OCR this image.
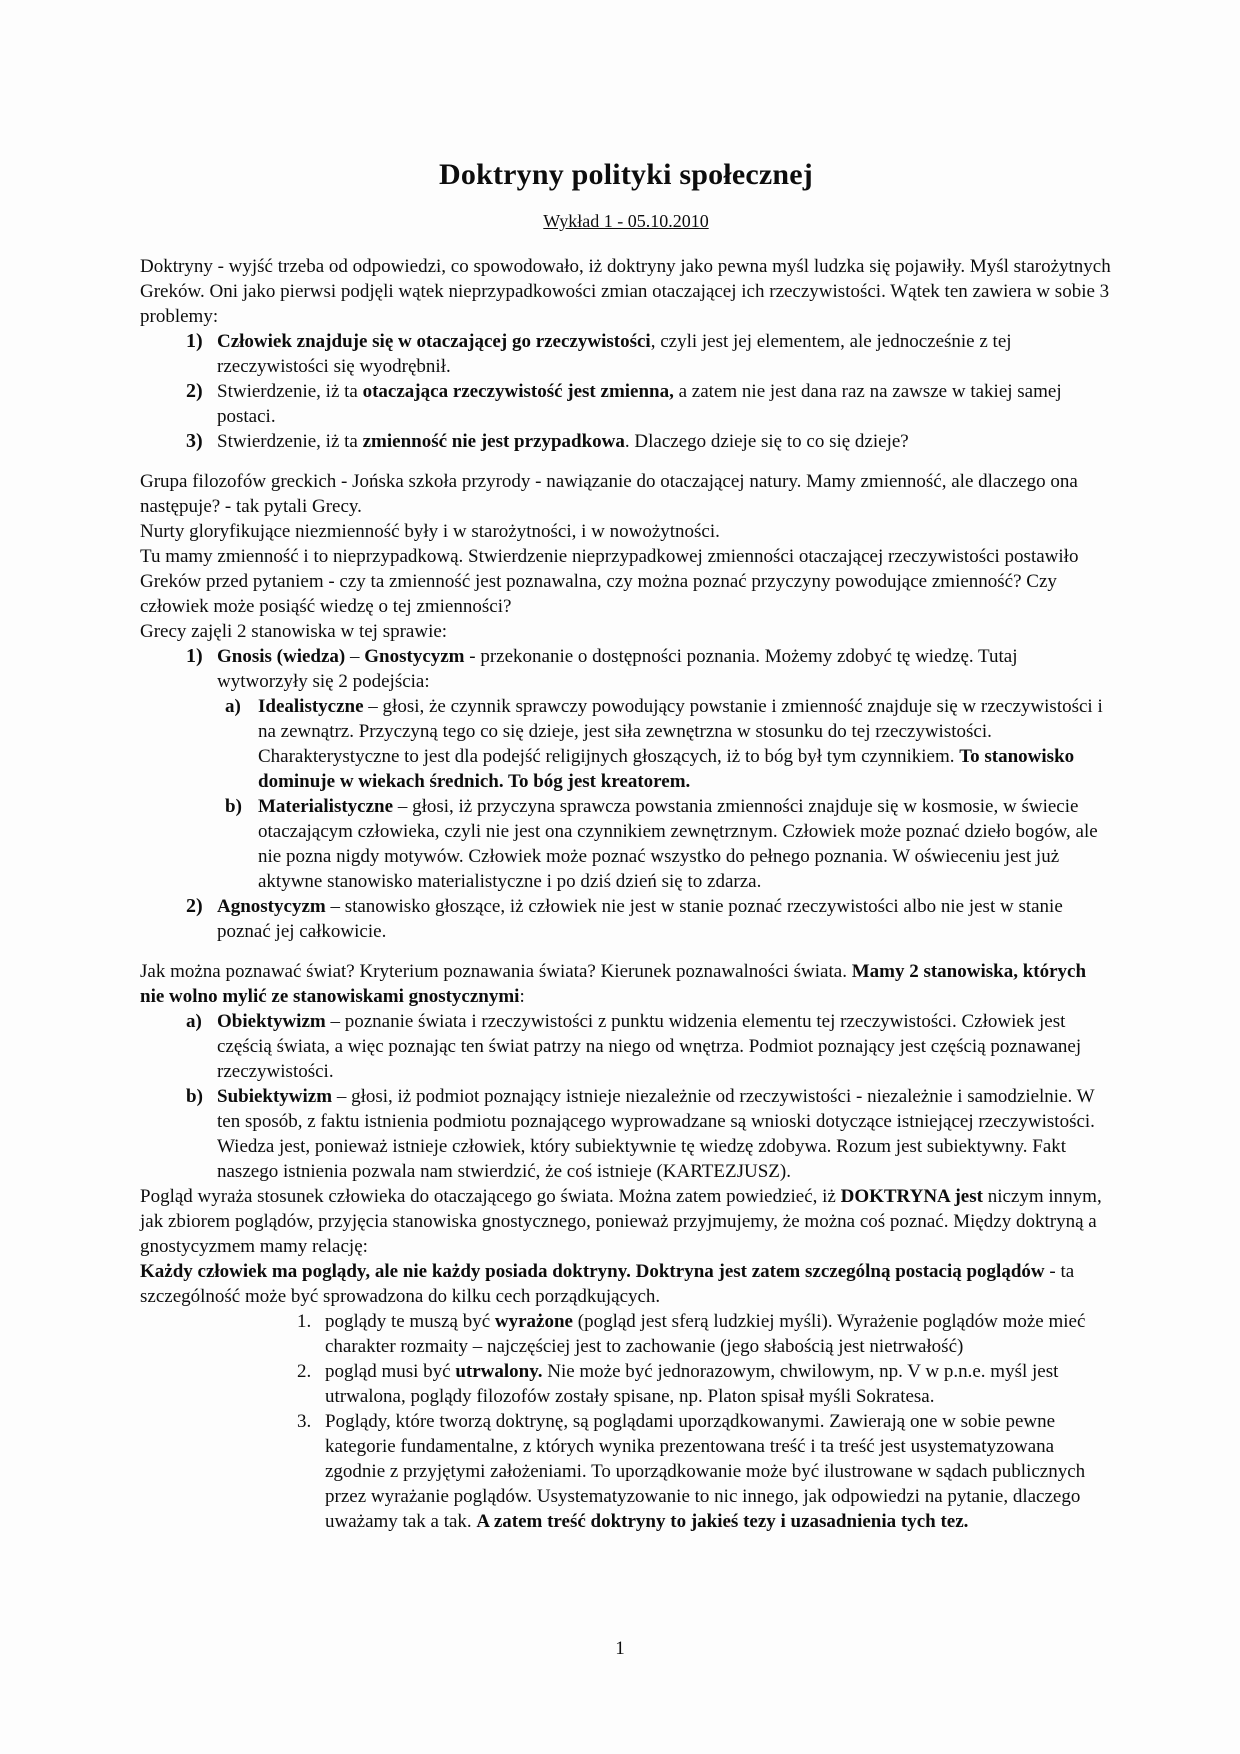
Doktryny polityki społecznej
Wykład 1 - 05.10.2010

Doktryny - wyjść trzeba od odpowiedzi, co spowodowało, iż doktryny jako pewna myśl ludzka się pojawiły. Myśl starożytnych Greków. Oni jako pierwsi podjęli wątek nieprzypadkowości zmian otaczającej ich rzeczywistości. Wątek ten zawiera w sobie 3 problemy:

1) Człowiek znajduje się w otaczającej go rzeczywistości, czyli jest jej elementem, ale jednocześnie z tej rzeczywistości się wyodrębnił.
2) Stwierdzenie, iż ta otaczająca rzeczywistość jest zmienna, a zatem nie jest dana raz na zawsze w takiej samej postaci.
3) Stwierdzenie, iż ta zmienność nie jest przypadkowa. Dlaczego dzieje się to co się dzieje?

Grupa filozofów greckich - Jońska szkoła przyrody - nawiązanie do otaczającej natury. Mamy zmienność, ale dlaczego ona następuje? - tak pytali Grecy.

Nurty gloryfikujące niezmienność były i w starożytności, i w nowożytności.

Tu mamy zmienność i to nieprzypadkową. Stwierdzenie nieprzypadkowej zmienności otaczającej rzeczywistości postawiło Greków przed pytaniem - czy ta zmienność jest poznawalna, czy można poznać przyczyny powodujące zmienność? Czy człowiek może posiąść wiedzę o tej zmienności?

Grecy zajęli 2 stanowiska w tej sprawie:

1) Gnosis (wiedza) – Gnostycyzm - przekonanie o dostępności poznania. Możemy zdobyć tę wiedzę. Tutaj wytworzyły się 2 podejścia:
a) Idealistyczne – głosi, że czynnik sprawczy powodujący powstanie i zmienność znajduje się w rzeczywistości i na zewnątrz. Przyczyną tego co się dzieje, jest siła zewnętrzna w stosunku do tej rzeczywistości. Charakterystyczne to jest dla podejść religijnych głoszących, iż to bóg był tym czynnikiem. To stanowisko dominuje w wiekach średnich. To bóg jest kreatorem.
b) Materialistyczne – głosi, iż przyczyna sprawcza powstania zmienności znajduje się w kosmosie, w świecie otaczającym człowieka, czyli nie jest ona czynnikiem zewnętrznym. Człowiek może poznać dzieło bogów, ale nie pozna nigdy motywów. Człowiek może poznać wszystko do pełnego poznania. W oświeceniu jest już aktywne stanowisko materialistyczne i po dziś dzień się to zdarza.
2) Agnostycyzm – stanowisko głoszące, iż człowiek nie jest w stanie poznać rzeczywistości albo nie jest w stanie poznać jej całkowicie.

Jak można poznawać świat? Kryterium poznawania świata? Kierunek poznawalności świata. Mamy 2 stanowiska, których nie wolno mylić ze stanowiskami gnostycznymi:

a) Obiektywizm – poznanie świata i rzeczywistości z punktu widzenia elementu tej rzeczywistości. Człowiek jest częścią świata, a więc poznając ten świat patrzy na niego od wnętrza. Podmiot poznający jest częścią poznawanej rzeczywistości.
b) Subiektywizm – głosi, iż podmiot poznający istnieje niezależnie od rzeczywistości - niezależnie i samodzielnie. W ten sposób, z faktu istnienia podmiotu poznającego wyprowadzane są wnioski dotyczące istniejącej rzeczywistości. Wiedza jest, ponieważ istnieje człowiek, który subiektywnie tę wiedzę zdobywa. Rozum jest subiektywny. Fakt naszego istnienia pozwala nam stwierdzić, że coś istnieje (KARTEZJUSZ).

Pogląd wyraża stosunek człowieka do otaczającego go świata. Można zatem powiedzieć, iż DOKTRYNA jest niczym innym, jak zbiorem poglądów, przyjęcia stanowiska gnostycznego, ponieważ przyjmujemy, że można coś poznać. Między doktryną a gnostycyzmem mamy relację:

Każdy człowiek ma poglądy, ale nie każdy posiada doktryny. Doktryna jest zatem szczególną postacią poglądów - ta szczególność może być sprowadzona do kilku cech porządkujących.

1. poglądy te muszą być wyrażone (pogląd jest sferą ludzkiej myśli). Wyrażenie poglądów może mieć charakter rozmaity – najczęściej jest to zachowanie (jego słabością jest nietrwałość)
2. pogląd musi być utrwalony. Nie może być jednorazowym, chwilowym, np. V w p.n.e. myśl jest utrwalona, poglądy filozofów zostały spisane, np. Platon spisał myśli Sokratesa.
3. Poglądy, które tworzą doktrynę, są poglądami uporządkowanymi. Zawierają one w sobie pewne kategorie fundamentalne, z których wynika prezentowana treść i ta treść jest usystematyzowana zgodnie z przyjętymi założeniami. To uporządkowanie może być ilustrowane w sądach publicznych przez wyrażanie poglądów. Usystematyzowanie to nic innego, jak odpowiedzi na pytanie, dlaczego uważamy tak a tak. A zatem treść doktryny to jakieś tezy i uzasadnienia tych tez.
1
